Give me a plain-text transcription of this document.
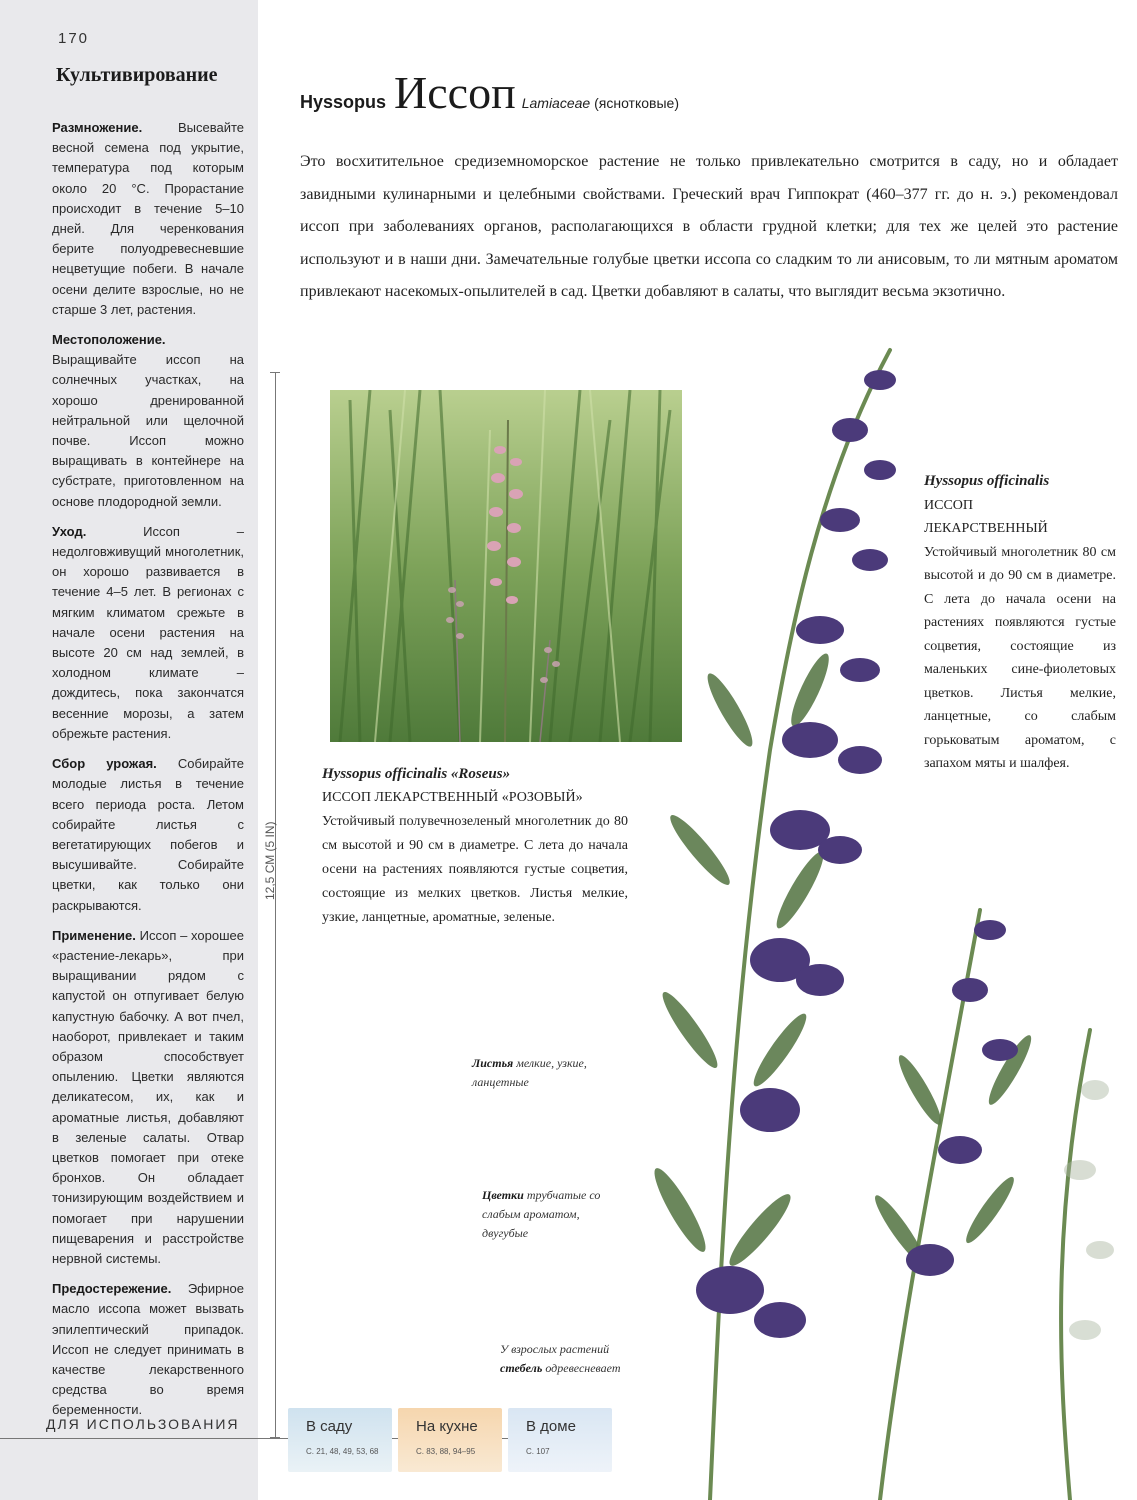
170
Культивирование

Размножение.	Высевайте весной семена под укрытие, температура под которым около 20 °С. Прорастание происходит в течение 5–10 дней. Для черенкования берите полуодревесневшие нецветущие побеги. В начале осени делите взрослые, но не старше 3 лет, растения.

Местоположение. Выращивайте иссоп на солнечных участках, на хорошо дренированной нейтральной или щелочной почве. Иссоп можно выращивать в контейнере на субстрате, приготовленном на основе плодородной земли.

Уход.	Иссоп – недолговживущий многолетник, он хорошо развивается в течение 4–5 лет. В регионах с мягким климатом срежьте в начале осени растения на высоте 20 см над землей, в холодном климате – дождитесь, пока закончатся весенние морозы, а затем обрежьте растения.

Сбор урожая. Собирайте молодые листья в течение всего периода роста. Летом собирайте листья с вегетатирующих побегов и высушивайте. Собирайте цветки, как только они раскрываются.

Применение. Иссоп – хорошее «растение-лекарь», при выращивании рядом с капустой он отпугивает белую капустную бабочку. А вот пчел, наоборот, привлекает и таким образом способствует опылению. Цветки являются деликатесом, их, как и ароматные листья, добавляют в зеленые салаты. Отвар цветков помогает при отеке бронхов. Он обладает тонизирующим воздействием и помогает при нарушении пищеварения и расстройстве нервной системы.

Предостережение. Эфирное масло иссопа может вызвать эпилептический припадок. Иссоп не следует принимать в качестве лекарственного средства во время беременности.

ДЛЯ ИСПОЛЬЗОВАНИЯ	В саду
С. 21, 48, 49, 53, 68
На кухне
С. 83, 88, 94–95
В доме
С. 107
Hyssopus Иссоп Lamiaceae (яснотковые)
Это восхитительное средиземноморское растение не только привлекательно смотрится в саду, но и обладает завидными кулинарными и целебными свойствами. Греческий врач Гиппократ (460–377 гг. до н. э.) рекомендовал иссоп при заболеваниях органов, располагающихся в области грудной клетки; для тех же целей это растение используют и в наши дни. Замечательные голубые цветки иссопа со сладким то ли анисовым, то ли мятным ароматом привлекают насекомых-опылителей в сад. Цветки добавляют в салаты, что выглядит весьма экзотично.
12,5 СМ (5 IN)
Hyssopus officinalis «Roseus»
ИССОП ЛЕКАРСТВЕННЫЙ «РОЗОВЫЙ»
Устойчивый полувечнозеленый многолетник до 80 см высотой и 90 см в диаметре. С лета до начала осени на растениях появляются густые соцветия, состоящие из мелких цветков. Листья мелкие, узкие, ланцетные, ароматные, зеленые.
Hyssopus officinalis
ИССОП
ЛЕКАРСТВЕННЫЙ
Устойчивый многолетник 80 см высотой и до 90 см в диаметре. С лета до начала осени на растениях появляются густые соцветия, состоящие из маленьких сине-фиолетовых цветков. Листья мелкие, ланцетные, со слабым горьковатым ароматом, с запахом мяты и шалфея.
Листья мелкие, узкие, ланцетные
Цветки трубчатые со слабым ароматом, двугубые
У взрослых растений стебель одревесневает
